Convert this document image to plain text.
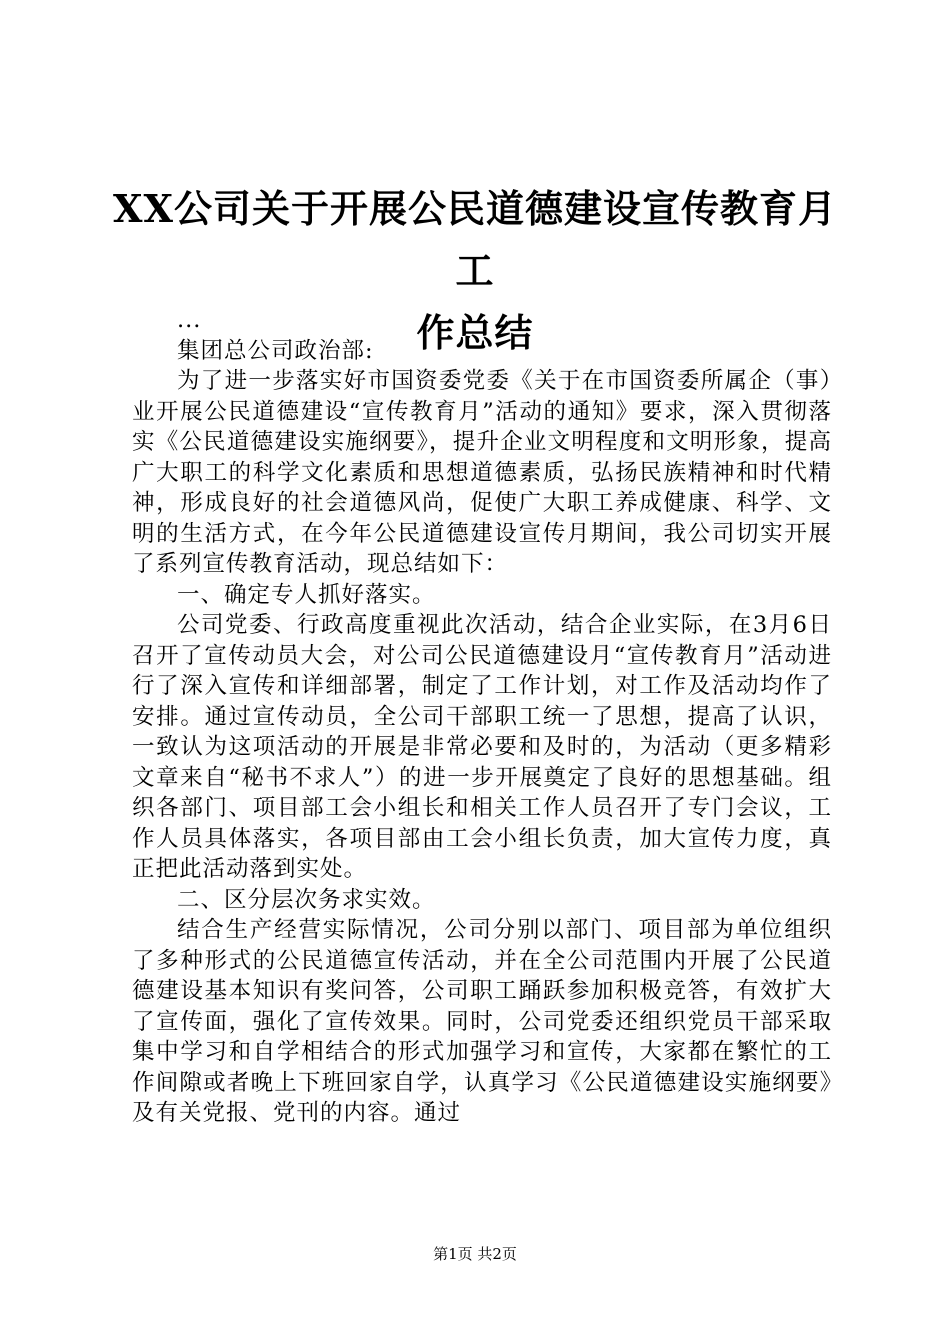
XX公司关于开展公民道德建设宣传教育月工
作总结

...

集团总公司政治部:

为了进一步落实好市国资委党委《关于在市国资委所属企（事）业开展公民道德建设“宣传教育月”活动的通知》要求，深入贯彻落实《公民道德建设实施纲要》，提升企业文明程度和文明形象，提高广大职工的科学文化素质和思想道德素质，弘扬民族精神和时代精神，形成良好的社会道德风尚，促使广大职工养成健康、科学、文明的生活方式，在今年公民道德建设宣传月期间，我公司切实开展了系列宣传教育活动，现总结如下：

一、确定专人抓好落实。

公司党委、行政高度重视此次活动，结合企业实际，在3月6日召开了宣传动员大会，对公司公民道德建设月“宣传教育月”活动进行了深入宣传和详细部署，制定了工作计划，对工作及活动均作了安排。通过宣传动员，全公司干部职工统一了思想，提高了认识，一致认为这项活动的开展是非常必要和及时的，为活动（更多精彩文章来自“秘书不求人”）的进一步开展奠定了良好的思想基础。组织各部门、项目部工会小组长和相关工作人员召开了专门会议，工作人员具体落实，各项目部由工会小组长负责，加大宣传力度，真正把此活动落到实处。

二、区分层次务求实效。

结合生产经营实际情况，公司分别以部门、项目部为单位组织了多种形式的公民道德宣传活动，并在全公司范围内开展了公民道德建设基本知识有奖问答，公司职工踊跃参加积极竞答，有效扩大了宣传面，强化了宣传效果。同时，公司党委还组织党员干部采取集中学习和自学相结合的形式加强学习和宣传，大家都在繁忙的工作间隙或者晚上下班回家自学，认真学习《公民道德建设实施纲要》及有关党报、党刊的内容。通过

第1页 共2页
